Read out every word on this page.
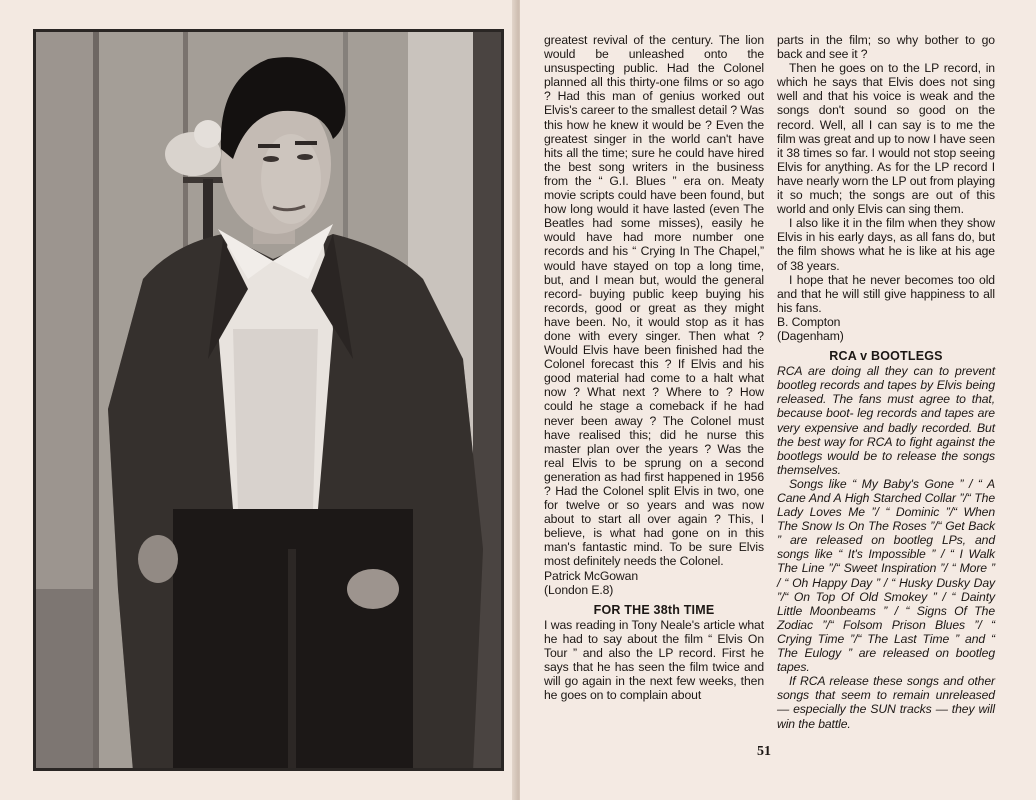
greatest revival of the century. The lion would be unleashed onto the unsuspecting public. Had the Colonel planned all this thirty-one films or so ago ? Had this man of genius worked out Elvis's career to the smallest detail ? Was this how he knew it would be ? Even the greatest singer in the world can't have hits all the time; sure he could have hired the best song writers in the business from the “ G.I. Blues ” era on. Meaty movie scripts could have been found, but how long would it have lasted (even The Beatles had some misses), easily he would have had more number one records and his “ Crying In The Chapel,” would have stayed on top a long time, but, and I mean but, would the general record- buying public keep buying his records, good or great as they might have been. No, it would stop as it has done with every singer. Then what ? Would Elvis have been finished had the Colonel forecast this ? If Elvis and his good material had come to a halt what now ? What next ? Where to ? How could he stage a comeback if he had never been away ? The Colonel must have realised this; did he nurse this master plan over the years ? Was the real Elvis to be sprung on a second generation as had first happened in 1956 ? Had the Colonel split Elvis in two, one for twelve or so years and was now about to start all over again ? This, I believe, is what had gone on in this man's fantastic mind. To be sure Elvis most definitely needs the Colonel.

Patrick McGowan

(London E.8)

FOR THE 38th TIME

I was reading in Tony Neale's article what he had to say about the film “ Elvis On Tour ” and also the LP record. First he says that he has seen the film twice and will go again in the next few weeks, then he goes on to complain about

parts in the film; so why bother to go back and see it ?

Then he goes on to the LP record, in which he says that Elvis does not sing well and that his voice is weak and the songs don't sound so good on the record. Well, all I can say is to me the film was great and up to now I have seen it 38 times so far. I would not stop seeing Elvis for anything. As for the LP record I have nearly worn the LP out from playing it so much; the songs are out of this world and only Elvis can sing them.

I also like it in the film when they show Elvis in his early days, as all fans do, but the film shows what he is like at his age of 38 years.

I hope that he never becomes too old and that he will still give happiness to all his fans.

B. Compton

(Dagenham)

RCA v BOOTLEGS

RCA are doing all they can to prevent bootleg records and tapes by Elvis being released. The fans must agree to that, because boot- leg records and tapes are very expensive and badly recorded. But the best way for RCA to fight against the bootlegs would be to release the songs themselves.

Songs like “ My Baby's Gone ” / “ A Cane And A High Starched Collar ”/“ The Lady Loves Me ”/ “ Dominic ”/“ When The Snow Is On The Roses ”/“ Get Back ” are released on bootleg LPs, and songs like “ It's Impossible ” / “ I Walk The Line ”/“ Sweet Inspiration ”/ “ More ” / “ Oh Happy Day ” / “ Husky Dusky Day ”/“ On Top Of Old Smokey ” / “ Dainty Little Moonbeams ” / “ Signs Of The Zodiac ”/“ Folsom Prison Blues ”/ “ Crying Time ”/“ The Last Time ” and “ The Eulogy ” are released on bootleg tapes.

If RCA release these songs and other songs that seem to remain unreleased — especially the SUN tracks — they will win the battle.

51
